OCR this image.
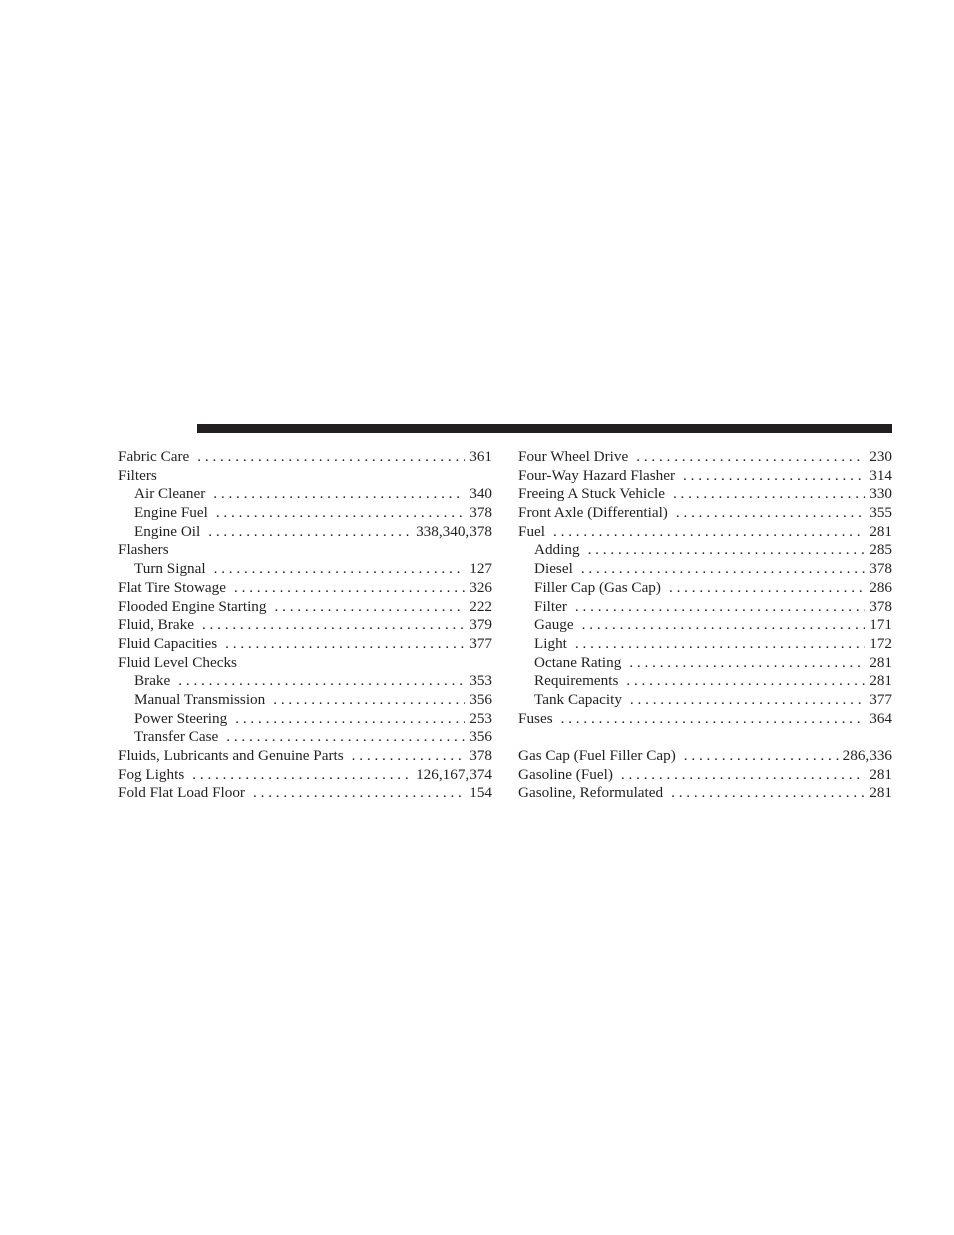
Fabric Care . . .	361
Filters
Air Cleaner . . .	340
Engine Fuel . . .	378
Engine Oil . . .	338,340,378
Flashers
Turn Signal . . .	127
Flat Tire Stowage . . .	326
Flooded Engine Starting . . .	222
Fluid, Brake . . .	379
Fluid Capacities . . .	377
Fluid Level Checks
Brake . . .	353
Manual Transmission . . .	356
Power Steering . . .	253
Transfer Case . . .	356
Fluids, Lubricants and Genuine Parts . . .	378
Fog Lights . . .	126,167,374
Fold Flat Load Floor . . .	154
Four Wheel Drive . . .	230
Four-Way Hazard Flasher . . .	314
Freeing A Stuck Vehicle . . .	330
Front Axle (Differential) . . .	355
Fuel . . .	281
Adding . . .	285
Diesel . . .	378
Filler Cap (Gas Cap) . . .	286
Filter . . .	378
Gauge . . .	171
Light . . .	172
Octane Rating . . .	281
Requirements . . .	281
Tank Capacity . . .	377
Fuses . . .	364
Gas Cap (Fuel Filler Cap) . . .	286,336
Gasoline (Fuel) . . .	281
Gasoline, Reformulated . . .	281
